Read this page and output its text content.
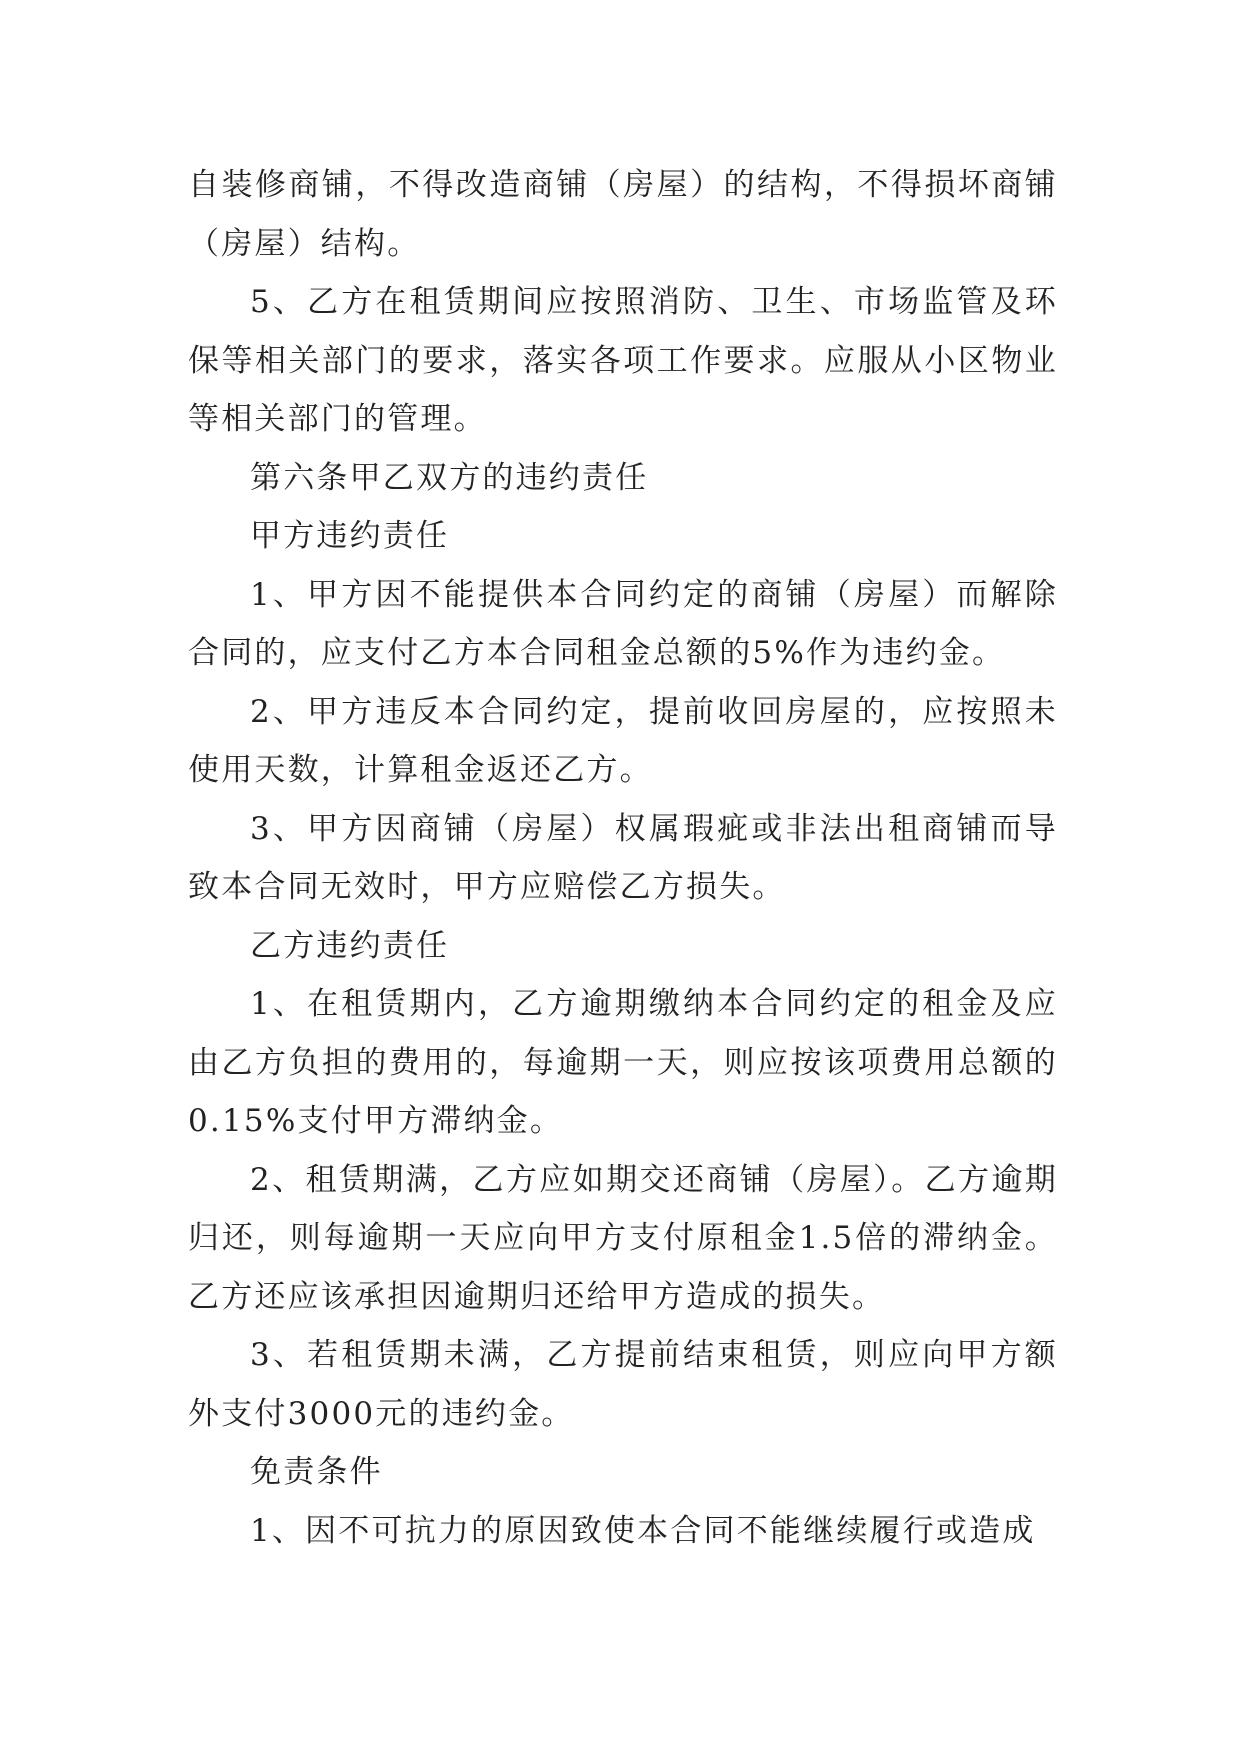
自装修商铺，不得改造商铺（房屋）的结构，不得损坏商铺（房屋）结构。

5、乙方在租赁期间应按照消防、卫生、市场监管及环保等相关部门的要求，落实各项工作要求。应服从小区物业等相关部门的管理。

第六条甲乙双方的违约责任

甲方违约责任

1、甲方因不能提供本合同约定的商铺（房屋）而解除合同的，应支付乙方本合同租金总额的5%作为违约金。

2、甲方违反本合同约定，提前收回房屋的，应按照未使用天数，计算租金返还乙方。

3、甲方因商铺（房屋）权属瑕疵或非法出租商铺而导致本合同无效时，甲方应赔偿乙方损失。

乙方违约责任

1、在租赁期内，乙方逾期缴纳本合同约定的租金及应由乙方负担的费用的，每逾期一天，则应按该项费用总额的0.15%支付甲方滞纳金。

2、租赁期满，乙方应如期交还商铺（房屋）。乙方逾期归还，则每逾期一天应向甲方支付原租金1.5倍的滞纳金。乙方还应该承担因逾期归还给甲方造成的损失。

3、若租赁期未满，乙方提前结束租赁，则应向甲方额外支付3000元的违约金。

免责条件

1、因不可抗力的原因致使本合同不能继续履行或造成
